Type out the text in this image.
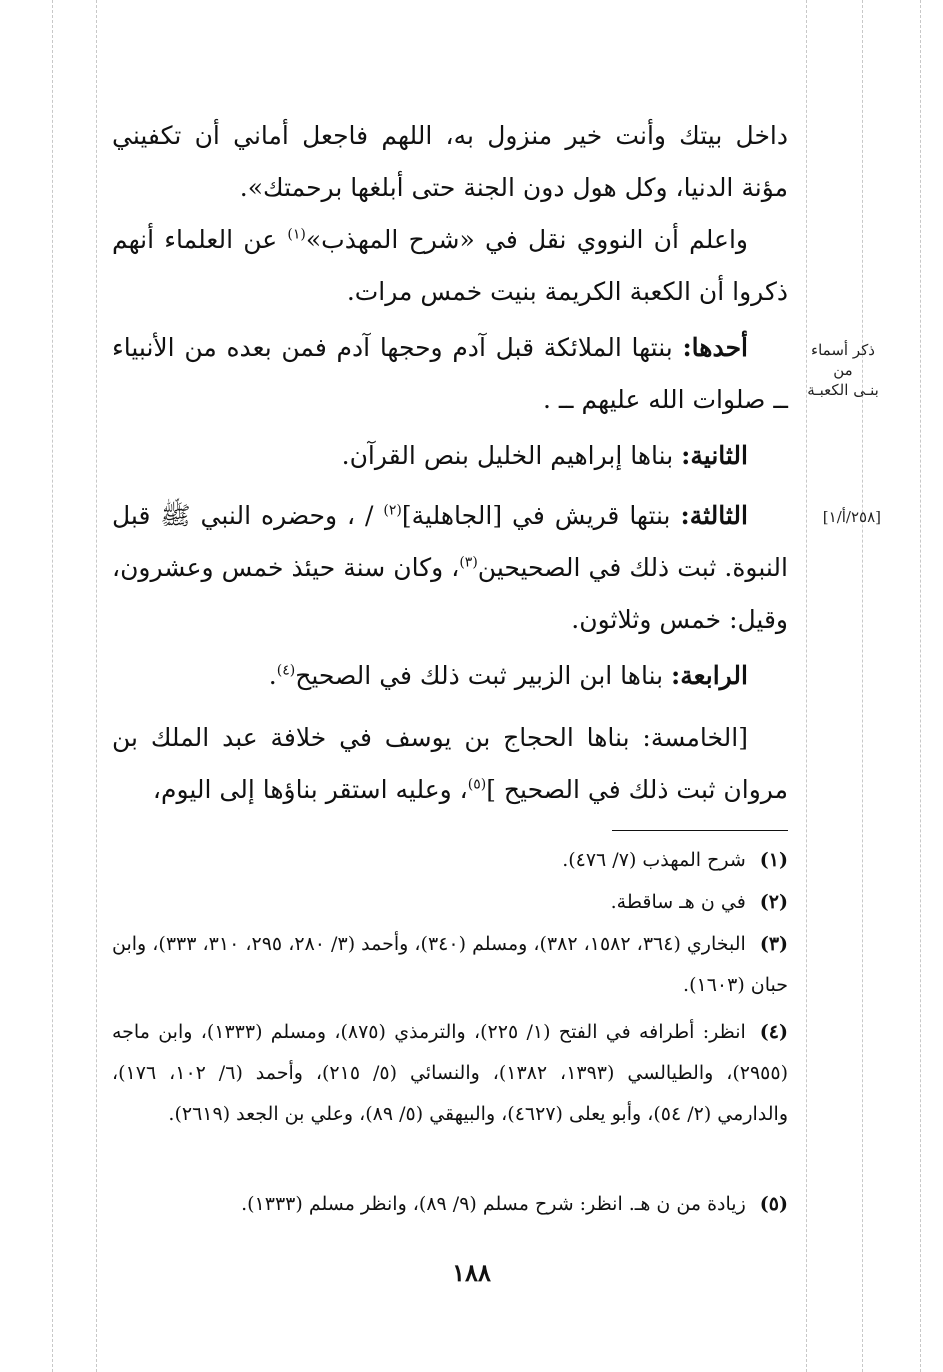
داخل بيتك وأنت خير منزول به، اللهم فاجعل أماني أن تكفيني مؤنة الدنيا، وكل هول دون الجنة حتى أبلغها برحمتك».

واعلم أن النووي نقل في «شرح المهذب»$^{(١)}$ عن العلماء أنهم ذكروا أن الكعبة الكريمة بنيت خمس مرات.

أحدها: بنتها الملائكة قبل آدم وحجها آدم فمن بعده من الأنبياء ــ صلوات الله عليهم ــ .

ذكر أسماء من
بنـى الكعبـة

الثانية: بناها إبراهيم الخليل بنص القرآن.

الثالثة: بنتها قريش في [الجاهلية]$^{(٢)}$ / ، وحضره النبي ﷺ قبل النبوة. ثبت ذلك في الصحيحين$^{(٣)}$، وكان سنة حيئذ خمس وعشرون، وقيل: خمس وثلاثون.

[٢٥٨/أ/١]

الرابعة: بناها ابن الزبير ثبت ذلك في الصحيح$^{(٤)}$.

[الخامسة: بناها الحجاج بن يوسف في خلافة عبد الملك بن مروان ثبت ذلك في الصحيح ]$^{(٥)}$، وعليه استقر بناؤها إلى اليوم،

(١)شرح المهذب (٧/ ٤٧٦).

(٢)في ن هـ ساقطة.

(٣)البخاري (٣٦٤، ١٥٨٢، ٣٨٢)، ومسلم (٣٤٠)، وأحمد (٣/ ٢٨٠، ٢٩٥، ٣١٠، ٣٣٣)، وابن حبان (١٦٠٣).

(٤)انظر: أطرافه في الفتح (١/ ٢٢٥)، والترمذي (٨٧٥)، ومسلم (١٣٣٣)، وابن ماجه (٢٩٥٥)، والطيالسي (١٣٩٣، ١٣٨٢)، والنسائي (٥/ ٢١٥)، وأحمد (٦/ ١٠٢، ١٧٦)، والدارمي (٢/ ٥٤)، وأبو يعلى (٤٦٢٧)، والبيهقي (٥/ ٨٩)، وعلي بن الجعد (٢٦١٩).

(٥)زيادة من ن هـ. انظر: شرح مسلم (٩/ ٨٩)، وانظر مسلم (١٣٣٣).

١٨٨
